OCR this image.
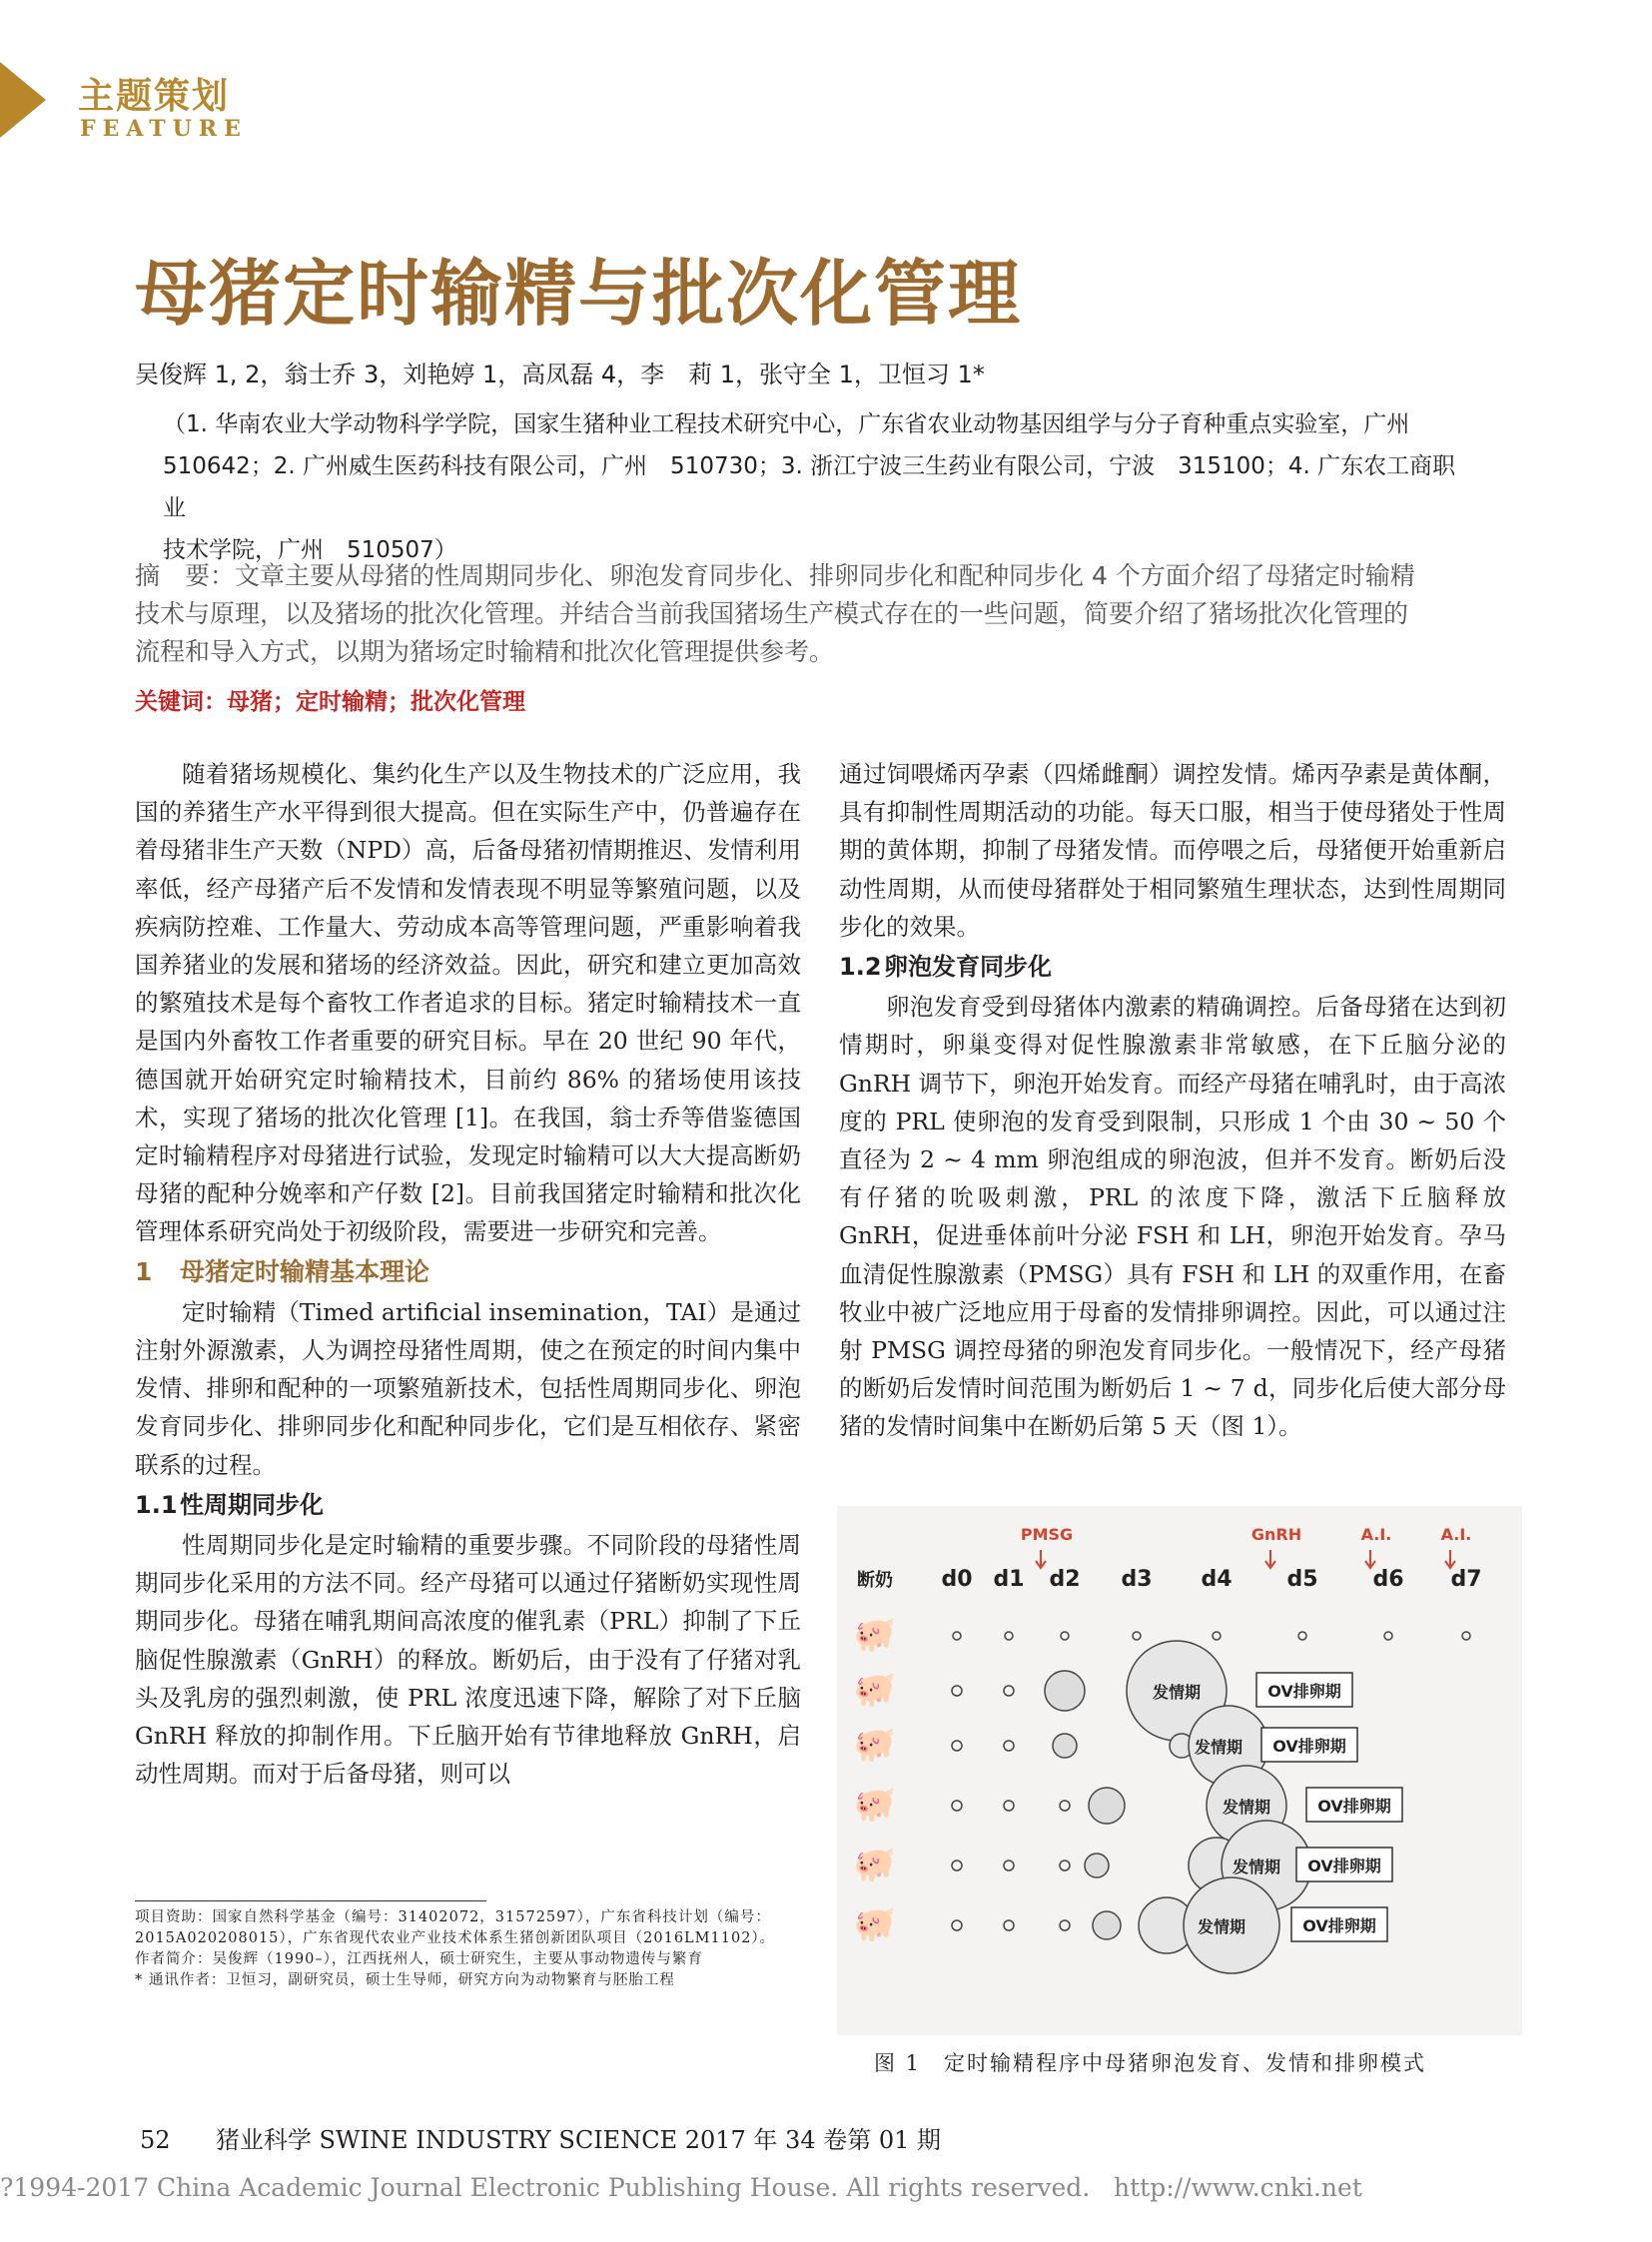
主题策划
FEATURE
母猪定时输精与批次化管理
吴俊辉 1, 2，翁士乔 3，刘艳婷 1，高凤磊 4，李　莉 1，张守全 1，卫恒习 1*
（1. 华南农业大学动物科学学院，国家生猪种业工程技术研究中心，广东省农业动物基因组学与分子育种重点实验室，广州
510642；2. 广州威生医药科技有限公司，广州　510730；3. 浙江宁波三生药业有限公司，宁波　315100；4. 广东农工商职业
技术学院，广州　510507）
摘　要：文章主要从母猪的性周期同步化、卵泡发育同步化、排卵同步化和配种同步化 4 个方面介绍了母猪定时输精
技术与原理，以及猪场的批次化管理。并结合当前我国猪场生产模式存在的一些问题，简要介绍了猪场批次化管理的
流程和导入方式，以期为猪场定时输精和批次化管理提供参考。
关键词：母猪；定时输精；批次化管理

随着猪场规模化、集约化生产以及生物技术的广泛应用，我国的养猪生产水平得到很大提高。但在实际生产中，仍普遍存在着母猪非生产天数（NPD）高，后备母猪初情期推迟、发情利用率低，经产母猪产后不发情和发情表现不明显等繁殖问题，以及疾病防控难、工作量大、劳动成本高等管理问题，严重影响着我国养猪业的发展和猪场的经济效益。因此，研究和建立更加高效的繁殖技术是每个畜牧工作者追求的目标。猪定时输精技术一直是国内外畜牧工作者重要的研究目标。早在 20 世纪 90 年代，德国就开始研究定时输精技术，目前约 86% 的猪场使用该技术，实现了猪场的批次化管理 [1]。在我国，翁士乔等借鉴德国定时输精程序对母猪进行试验，发现定时输精可以大大提高断奶母猪的配种分娩率和产仔数 [2]。目前我国猪定时输精和批次化管理体系研究尚处于初级阶段，需要进一步研究和完善。

1 母猪定时输精基本理论

定时输精（Timed artificial insemination，TAI）是通过注射外源激素，人为调控母猪性周期，使之在预定的时间内集中发情、排卵和配种的一项繁殖新技术，包括性周期同步化、卵泡发育同步化、排卵同步化和配种同步化，它们是互相依存、紧密联系的过程。

1.1 性周期同步化

性周期同步化是定时输精的重要步骤。不同阶段的母猪性周期同步化采用的方法不同。经产母猪可以通过仔猪断奶实现性周期同步化。母猪在哺乳期间高浓度的催乳素（PRL）抑制了下丘脑促性腺激素（GnRH）的释放。断奶后，由于没有了仔猪对乳头及乳房的强烈刺激，使 PRL 浓度迅速下降，解除了对下丘脑 GnRH 释放的抑制作用。下丘脑开始有节律地释放 GnRH，启动性周期。而对于后备母猪，则可以

通过饲喂烯丙孕素（四烯雌酮）调控发情。烯丙孕素是黄体酮，具有抑制性周期活动的功能。每天口服，相当于使母猪处于性周期的黄体期，抑制了母猪发情。而停喂之后，母猪便开始重新启动性周期，从而使母猪群处于相同繁殖生理状态，达到性周期同步化的效果。

1.2 卵泡发育同步化

卵泡发育受到母猪体内激素的精确调控。后备母猪在达到初情期时，卵巢变得对促性腺激素非常敏感，在下丘脑分泌的 GnRH 调节下，卵泡开始发育。而经产母猪在哺乳时，由于高浓度的 PRL 使卵泡的发育受到限制，只形成 1 个由 30 ~ 50 个直径为 2 ~ 4 mm 卵泡组成的卵泡波，但并不发育。断奶后没有仔猪的吮吸刺激，PRL 的浓度下降，激活下丘脑释放 GnRH，促进垂体前叶分泌 FSH 和 LH，卵泡开始发育。孕马血清促性腺激素（PMSG）具有 FSH 和 LH 的双重作用，在畜牧业中被广泛地应用于母畜的发情排卵调控。因此，可以通过注射 PMSG 调控母猪的卵泡发育同步化。一般情况下，经产母猪的断奶后发情时间范围为断奶后 1 ~ 7 d，同步化后使大部分母猪的发情时间集中在断奶后第 5 天（图 1）。

断奶 d0 d1 d2 d3 d4 d5 d6 d7
PMSG	GnRH	A.I.	A.I.
🐖
🐖
🐖
🐖
🐖
🐖
发情期	OV排卵期
发情期 OV排卵期
发情期	OV排卵期
发情期 OV排卵期
发情期	OV排卵期
图 1　定时输精程序中母猪卵泡发育、发情和排卵模式

项目资助：国家自然科学基金（编号：31402072，31572597），广东省科技计划（编号：2015A020208015），广东省现代农业产业技术体系生猪创新团队项目（2016LM1102）。

作者简介：吴俊辉（1990–），江西抚州人，硕士研究生，主要从事动物遗传与繁育

* 通讯作者：卫恒习，副研究员，硕士生导师，研究方向为动物繁育与胚胎工程

52 猪业科学 SWINE INDUSTRY SCIENCE 2017 年 34 卷第 01 期
?1994-2017 China Academic Journal Electronic Publishing House. All rights reserved. http://www.cnki.net
